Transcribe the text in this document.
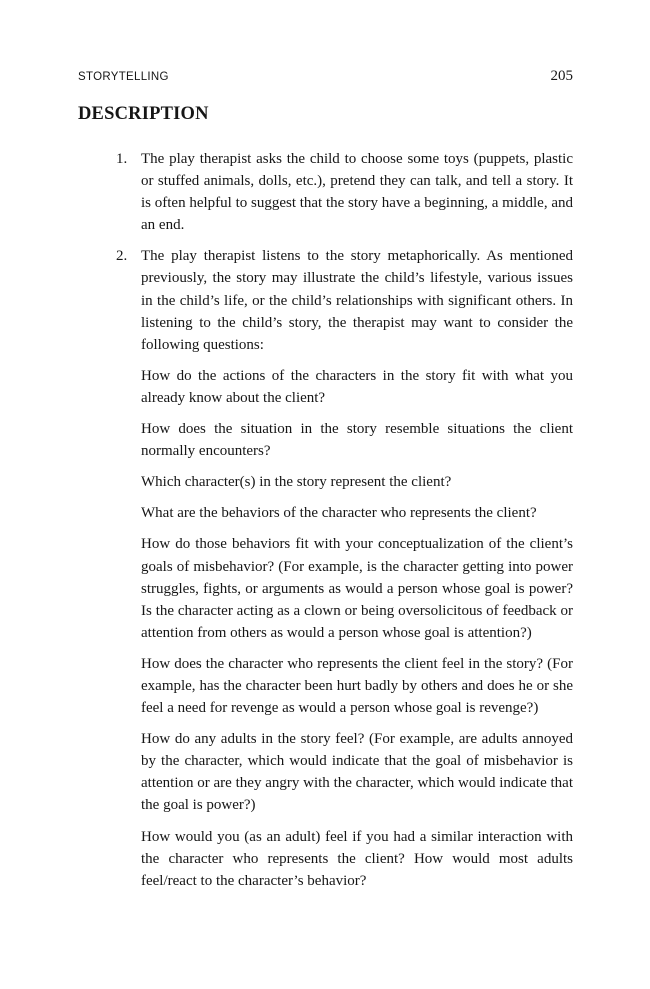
STORYTELLING	205
DESCRIPTION
1. The play therapist asks the child to choose some toys (puppets, plastic or stuffed animals, dolls, etc.), pretend they can talk, and tell a story. It is often helpful to suggest that the story have a beginning, a middle, and an end.

2. The play therapist listens to the story metaphorically. As mentioned previously, the story may illustrate the child’s lifestyle, various issues in the child’s life, or the child’s relationships with significant others. In listening to the child’s story, the therapist may want to consider the following questions:

How do the actions of the characters in the story fit with what you already know about the client?

How does the situation in the story resemble situations the client normally encounters?

Which character(s) in the story represent the client?

What are the behaviors of the character who represents the client?

How do those behaviors fit with your conceptualization of the client’s goals of misbehavior? (For example, is the character getting into power struggles, fights, or arguments as would a person whose goal is power? Is the character acting as a clown or being oversolicitous of feedback or attention from others as would a person whose goal is attention?)

How does the character who represents the client feel in the story? (For example, has the character been hurt badly by others and does he or she feel a need for revenge as would a person whose goal is revenge?)

How do any adults in the story feel? (For example, are adults annoyed by the character, which would indicate that the goal of misbehavior is attention or are they angry with the character, which would indicate that the goal is power?)

How would you (as an adult) feel if you had a similar interaction with the character who represents the client? How would most adults feel/react to the character’s behavior?
